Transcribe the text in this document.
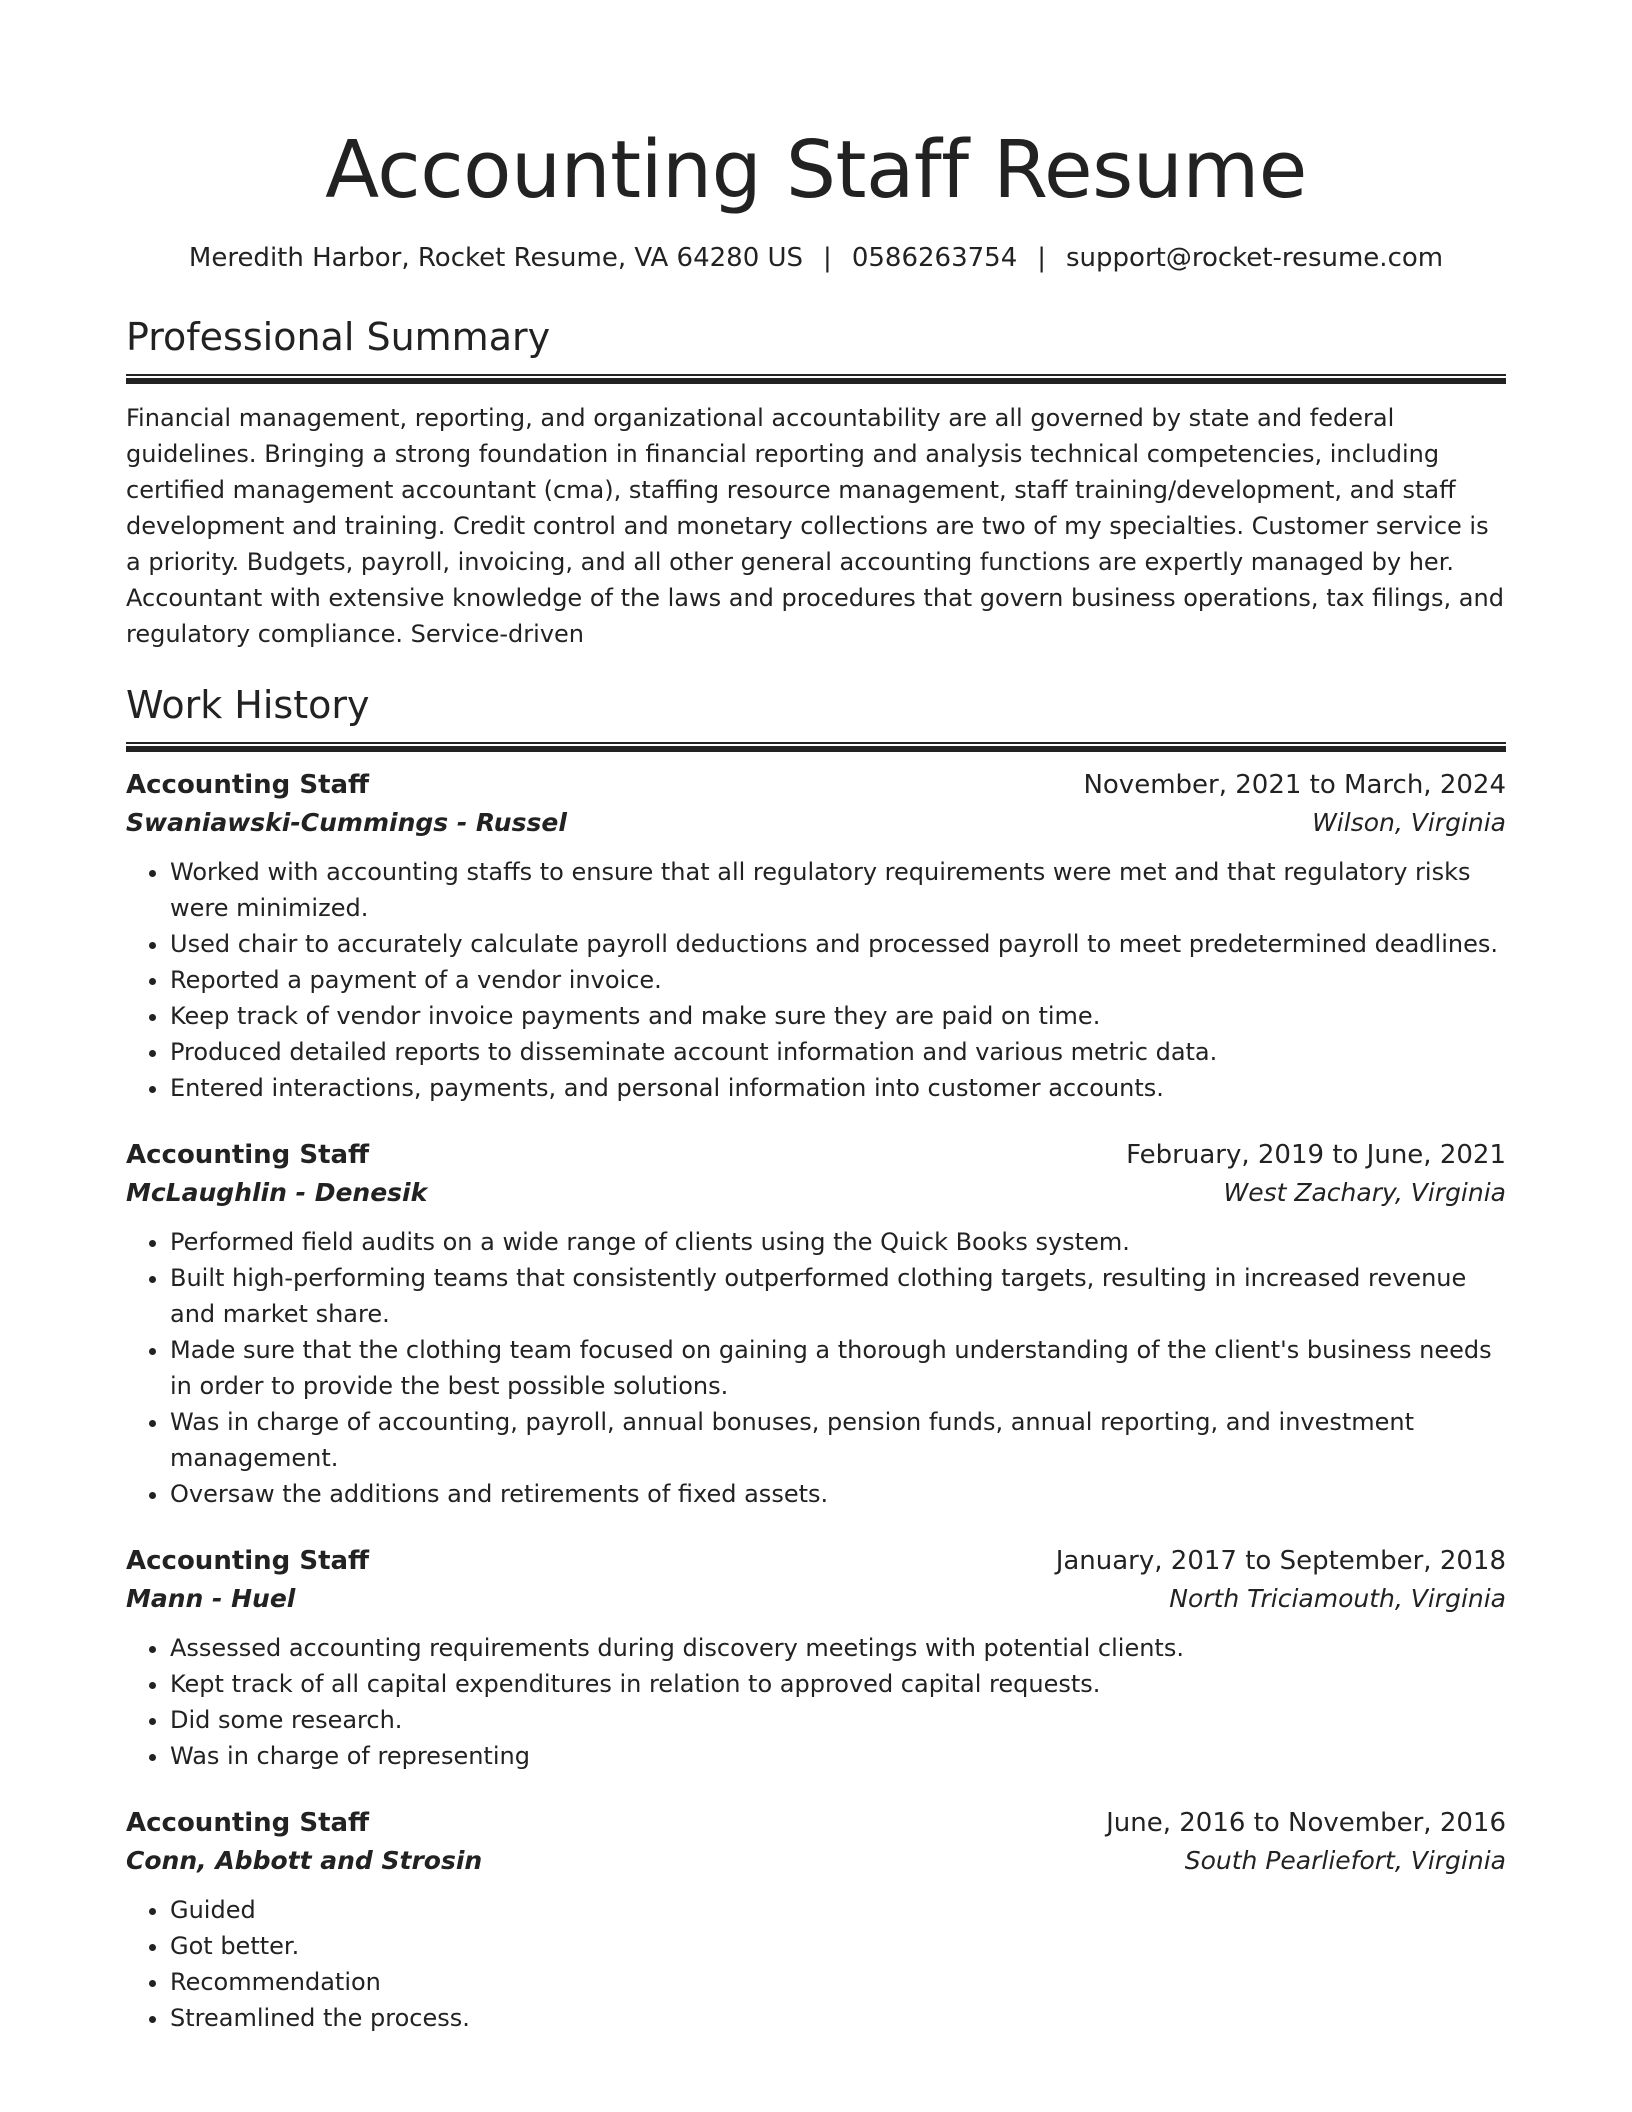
Accounting Staff Resume
Meredith Harbor, Rocket Resume, VA 64280 US | 0586263754 | support@rocket-resume.com
Professional Summary

Financial management, reporting, and organizational accountability are all governed by state and federal guidelines. Bringing a strong foundation in financial reporting and analysis technical competencies, including certified management accountant (cma), staffing resource management, staff training/development, and staff development and training. Credit control and monetary collections are two of my specialties. Customer service is a priority. Budgets, payroll, invoicing, and all other general accounting functions are expertly managed by her. Accountant with extensive knowledge of the laws and procedures that govern business operations, tax filings, and regulatory compliance. Service-driven

Work History
Accounting Staff	November, 2021 to March, 2024
Swaniawski-Cummings - Russel	Wilson, Virginia
• Worked with accounting staffs to ensure that all regulatory requirements were met and that regulatory risks were minimized.
• Used chair to accurately calculate payroll deductions and processed payroll to meet predetermined deadlines.
• Reported a payment of a vendor invoice.
• Keep track of vendor invoice payments and make sure they are paid on time.
• Produced detailed reports to disseminate account information and various metric data.
• Entered interactions, payments, and personal information into customer accounts.
Accounting Staff	February, 2019 to June, 2021
McLaughlin - Denesik	West Zachary, Virginia
• Performed field audits on a wide range of clients using the Quick Books system.
• Built high-performing teams that consistently outperformed clothing targets, resulting in increased revenue and market share.
• Made sure that the clothing team focused on gaining a thorough understanding of the client's business needs in order to provide the best possible solutions.
• Was in charge of accounting, payroll, annual bonuses, pension funds, annual reporting, and investment management.
• Oversaw the additions and retirements of fixed assets.
Accounting Staff	January, 2017 to September, 2018
Mann - Huel	North Triciamouth, Virginia
• Assessed accounting requirements during discovery meetings with potential clients.
• Kept track of all capital expenditures in relation to approved capital requests.
• Did some research.
• Was in charge of representing
Accounting Staff	June, 2016 to November, 2016
Conn, Abbott and Strosin	South Pearliefort, Virginia
• Guided
• Got better.
• Recommendation
• Streamlined the process.
